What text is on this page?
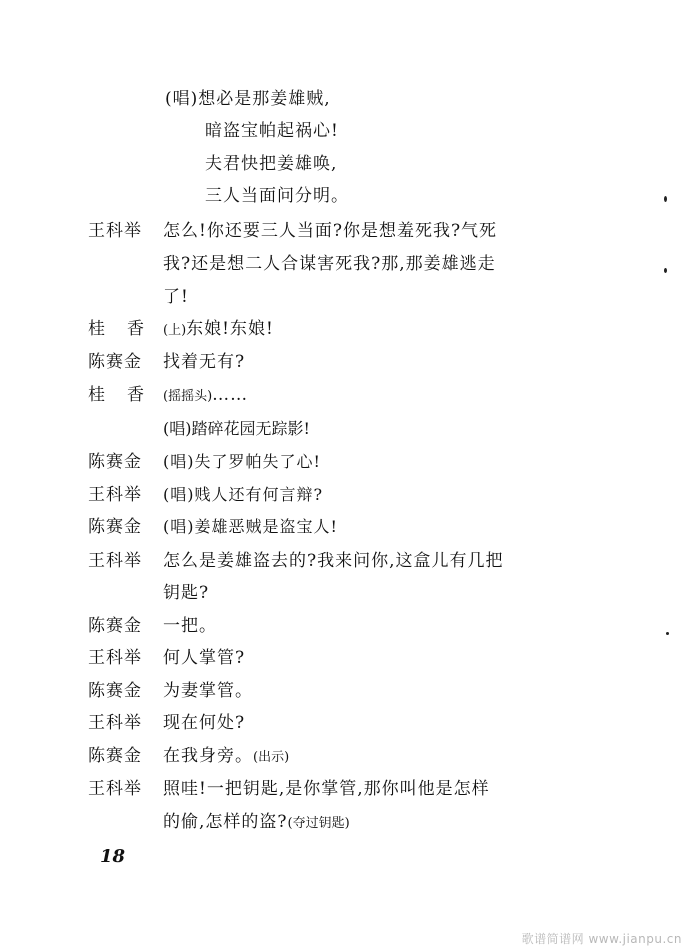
(唱)想必是那姜雄贼,
暗盗宝帕起祸心!
夫君快把姜雄唤,
三人当面问分明。
王科举 怎么!你还要三人当面?你是想羞死我?气死
我?还是想二人合谋害死我?那,那姜雄逃走
了!
桂香
(上)东娘!东娘!
陈赛金 找着无有?
桂香
(摇摇头)……
(唱)踏碎花园无踪影!
陈赛金 (唱)失了罗帕失了心!
王科举 (唱)贱人还有何言辩?
陈赛金 (唱)姜雄恶贼是盗宝人!
王科举 怎么是姜雄盗去的?我来问你,这盒儿有几把
钥匙?
陈赛金 一把。
王科举 何人掌管?
陈赛金 为妻掌管。
王科举 现在何处?
陈赛金 在我身旁。(出示)
王科举 照哇!一把钥匙,是你掌管,那你叫他是怎样
的偷,怎样的盗?(夺过钥匙)
18
歌谱简谱网 www.jianpu.cn
